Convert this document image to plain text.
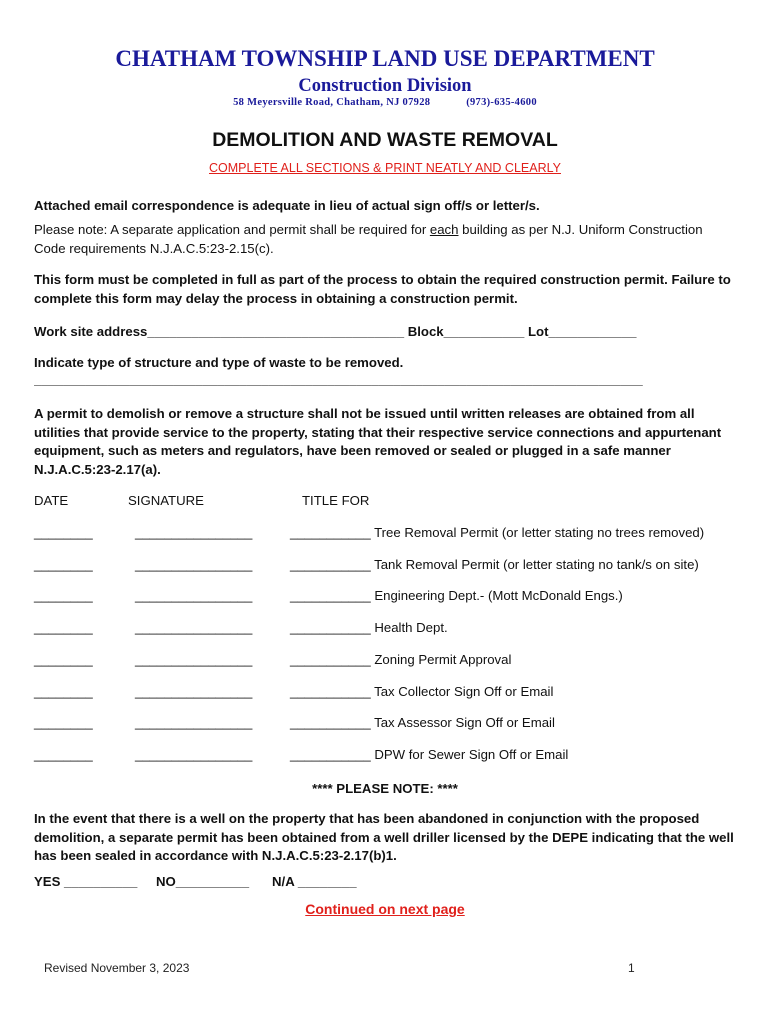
CHATHAM TOWNSHIP LAND USE DEPARTMENT
Construction Division
58 Meyersville Road, Chatham, NJ 07928	(973)-635-4600
DEMOLITION AND WASTE REMOVAL
COMPLETE ALL SECTIONS & PRINT NEATLY AND CLEARLY
Attached email correspondence is adequate in lieu of actual sign off/s or letter/s.
Please note: A separate application and permit shall be required for each building as per N.J. Uniform Construction Code requirements N.J.A.C.5:23-2.15(c).
This form must be completed in full as part of the process to obtain the required construction permit. Failure to complete this form may delay the process in obtaining a construction permit.
Work site address___________________________________ Block___________ Lot____________
Indicate type of structure and type of waste to be removed.
___________________________________________________________________________________
A permit to demolish or remove a structure shall not be issued until written releases are obtained from all utilities that provide service to the property, stating that their respective service connections and appurtenant equipment, such as meters and regulators, have been removed or sealed or plugged in a safe manner N.J.A.C.5:23-2.17(a).
DATE	SIGNATURE	TITLE FOR
________	________________	___________ Tree Removal Permit (or letter stating no trees removed)
________	________________	___________ Tank Removal Permit (or letter stating no tank/s on site)
________	________________	___________ Engineering Dept.- (Mott McDonald Engs.)
________	________________	___________ Health Dept.
________	________________	___________ Zoning Permit Approval
________	________________	___________ Tax Collector Sign Off or Email
________	________________	___________ Tax Assessor Sign Off or Email
________	________________	___________ DPW for Sewer Sign Off or Email
**** PLEASE NOTE: ****
In the event that there is a well on the property that has been abandoned in conjunction with the proposed demolition, a separate permit has been obtained from a well driller licensed by the DEPE indicating that the well has been sealed in accordance with N.J.A.C.5:23-2.17(b)1.
YES __________ NO__________ N/A ________
Continued on next page
Revised November 3, 2023	1
